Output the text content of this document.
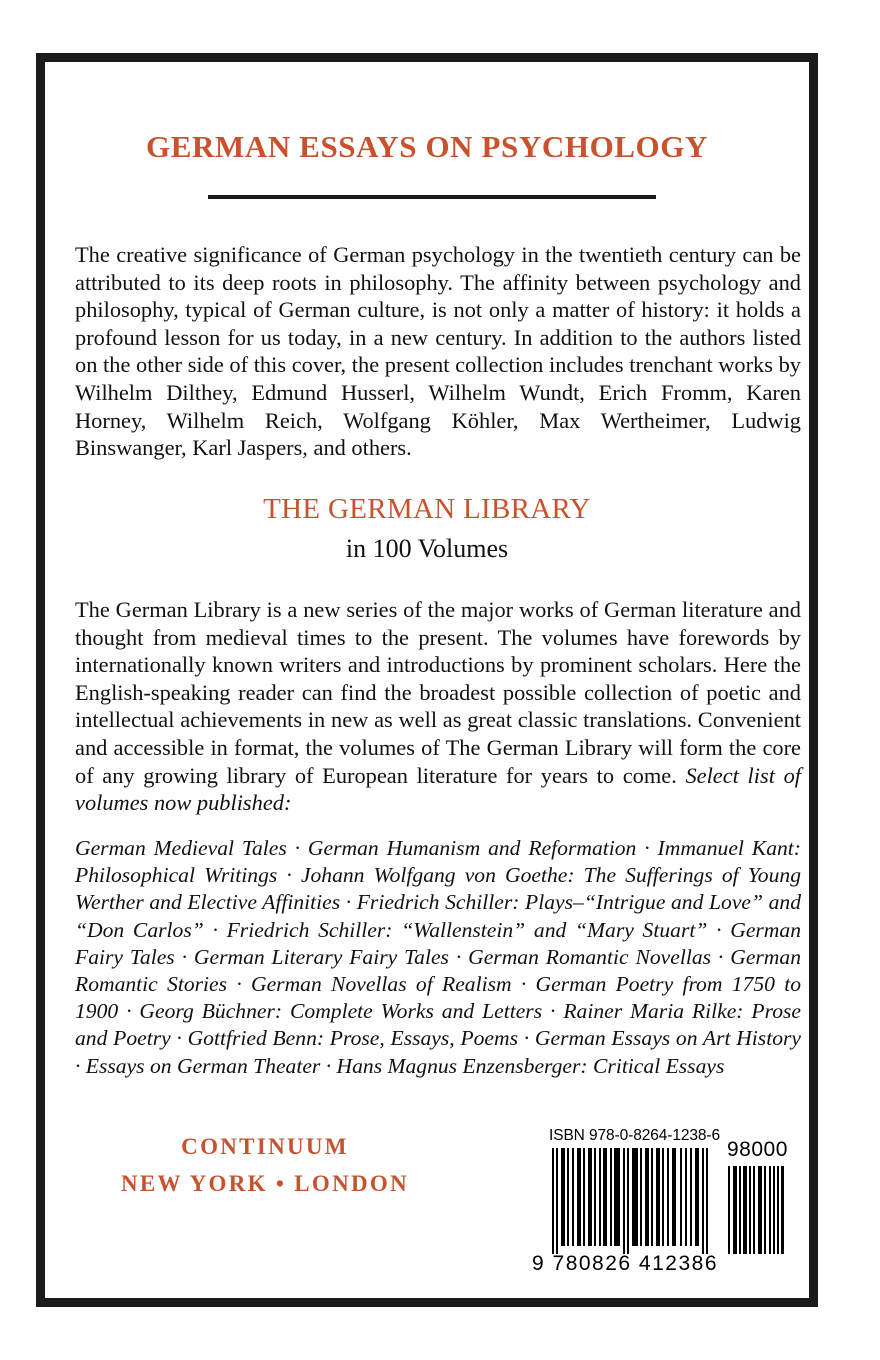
GERMAN ESSAYS ON PSYCHOLOGY
The creative significance of German psychology in the twentieth century can be attributed to its deep roots in philosophy. The affinity between psychology and philosophy, typical of German culture, is not only a matter of history: it holds a profound lesson for us today, in a new century. In addition to the authors listed on the other side of this cover, the present collection includes trenchant works by Wilhelm Dilthey, Edmund Husserl, Wilhelm Wundt, Erich Fromm, Karen Horney, Wilhelm Reich, Wolfgang Köhler, Max Wertheimer, Ludwig Binswanger, Karl Jaspers, and others.
THE GERMAN LIBRARY
in 100 Volumes
The German Library is a new series of the major works of German literature and thought from medieval times to the present. The volumes have forewords by internationally known writers and introductions by prominent scholars. Here the English-speaking reader can find the broadest possible collection of poetic and intellectual achievements in new as well as great classic translations. Convenient and accessible in format, the volumes of The German Library will form the core of any growing library of European literature for years to come. Select list of volumes now published:
German Medieval Tales · German Humanism and Reformation · Immanuel Kant: Philosophical Writings · Johann Wolfgang von Goethe: The Sufferings of Young Werther and Elective Affinities · Friedrich Schiller: Plays–“Intrigue and Love” and “Don Carlos” · Friedrich Schiller: “Wallenstein” and “Mary Stuart” · German Fairy Tales · German Literary Fairy Tales · German Romantic Novellas · German Romantic Stories · German Novellas of Realism · German Poetry from 1750 to 1900 · Georg Büchner: Complete Works and Letters · Rainer Maria Rilke: Prose and Poetry · Gottfried Benn: Prose, Essays, Poems · German Essays on Art History · Essays on German Theater · Hans Magnus Enzensberger: Critical Essays
CONTINUUM
NEW YORK • LONDON
ISBN 978-0-8264-1238-6
98000
9 780826 412386
